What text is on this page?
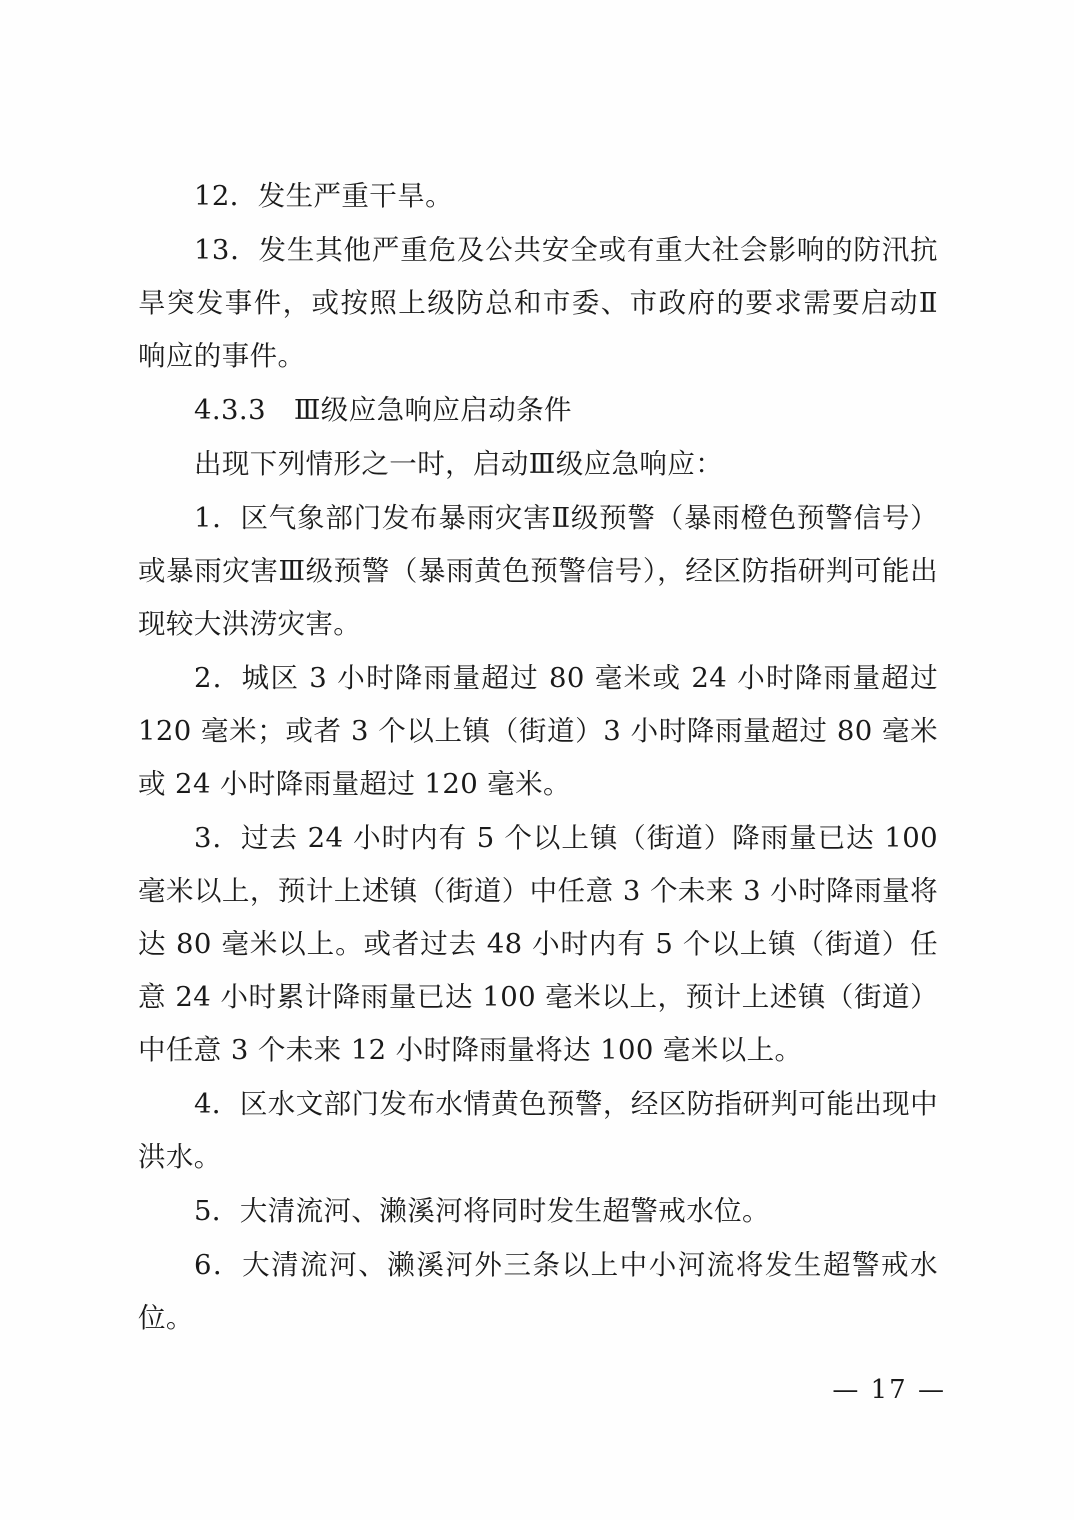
12．发生严重干旱。

13．发生其他严重危及公共安全或有重大社会影响的防汛抗旱突发事件，或按照上级防总和市委、市政府的要求需要启动Ⅱ响应的事件。

4.3.3　Ⅲ级应急响应启动条件

出现下列情形之一时，启动Ⅲ级应急响应：

1．区气象部门发布暴雨灾害Ⅱ级预警（暴雨橙色预警信号）或暴雨灾害Ⅲ级预警（暴雨黄色预警信号），经区防指研判可能出现较大洪涝灾害。

2．城区 3 小时降雨量超过 80 毫米或 24 小时降雨量超过 120 毫米；或者 3 个以上镇（街道）3 小时降雨量超过 80 毫米或 24 小时降雨量超过 120 毫米。

3．过去 24 小时内有 5 个以上镇（街道）降雨量已达 100 毫米以上，预计上述镇（街道）中任意 3 个未来 3 小时降雨量将达 80 毫米以上。或者过去 48 小时内有 5 个以上镇（街道）任意 24 小时累计降雨量已达 100 毫米以上，预计上述镇（街道）中任意 3 个未来 12 小时降雨量将达 100 毫米以上。

4．区水文部门发布水情黄色预警，经区防指研判可能出现中洪水。

5．大清流河、濑溪河将同时发生超警戒水位。

6．大清流河、濑溪河外三条以上中小河流将发生超警戒水位。

— 17 —
